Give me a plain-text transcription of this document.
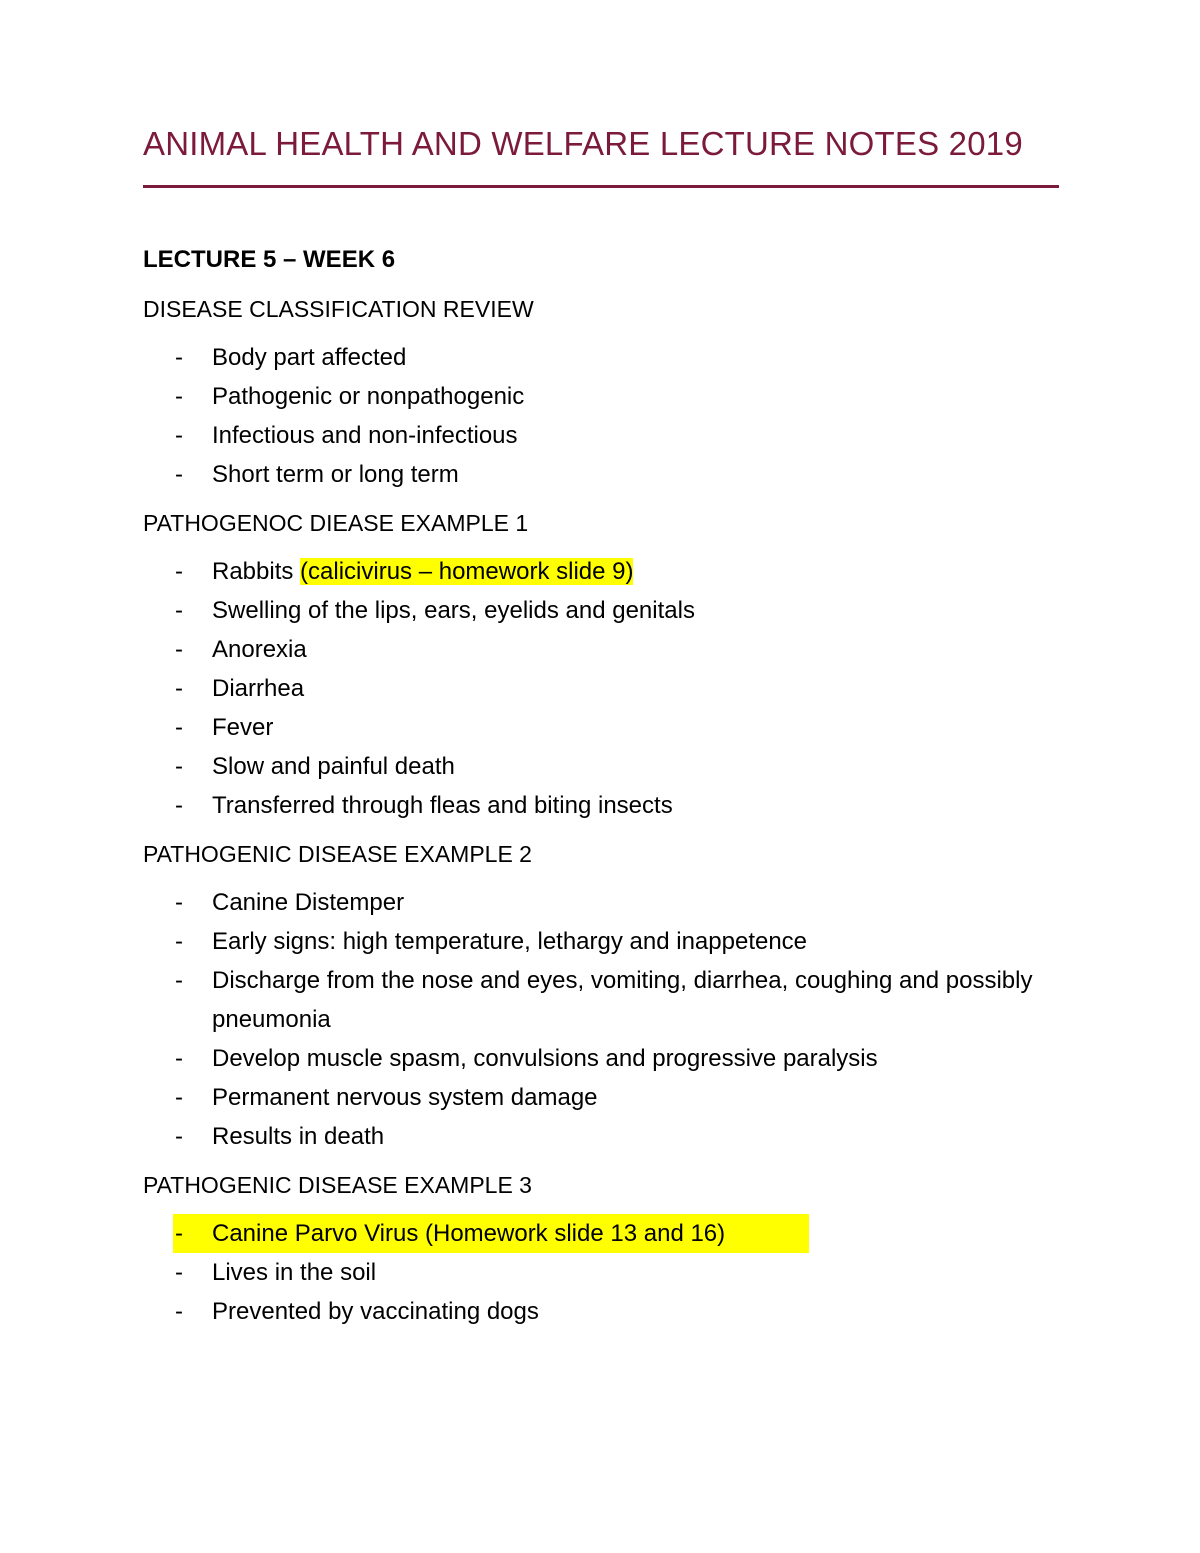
ANIMAL HEALTH AND WELFARE LECTURE NOTES 2019
LECTURE 5 – WEEK 6
DISEASE CLASSIFICATION REVIEW
- Body part affected
- Pathogenic or nonpathogenic
- Infectious and non-infectious
- Short term or long term
PATHOGENOC DIEASE EXAMPLE 1
- Rabbits (calicivirus – homework slide 9)
- Swelling of the lips, ears, eyelids and genitals
- Anorexia
- Diarrhea
- Fever
- Slow and painful death
- Transferred through fleas and biting insects
PATHOGENIC DISEASE EXAMPLE 2
- Canine Distemper
- Early signs: high temperature, lethargy and inappetence
- Discharge from the nose and eyes, vomiting, diarrhea, coughing and possibly pneumonia
- Develop muscle spasm, convulsions and progressive paralysis
- Permanent nervous system damage
- Results in death
PATHOGENIC DISEASE EXAMPLE 3
- Canine Parvo Virus (Homework slide 13 and 16)
- Lives in the soil
- Prevented by vaccinating dogs
